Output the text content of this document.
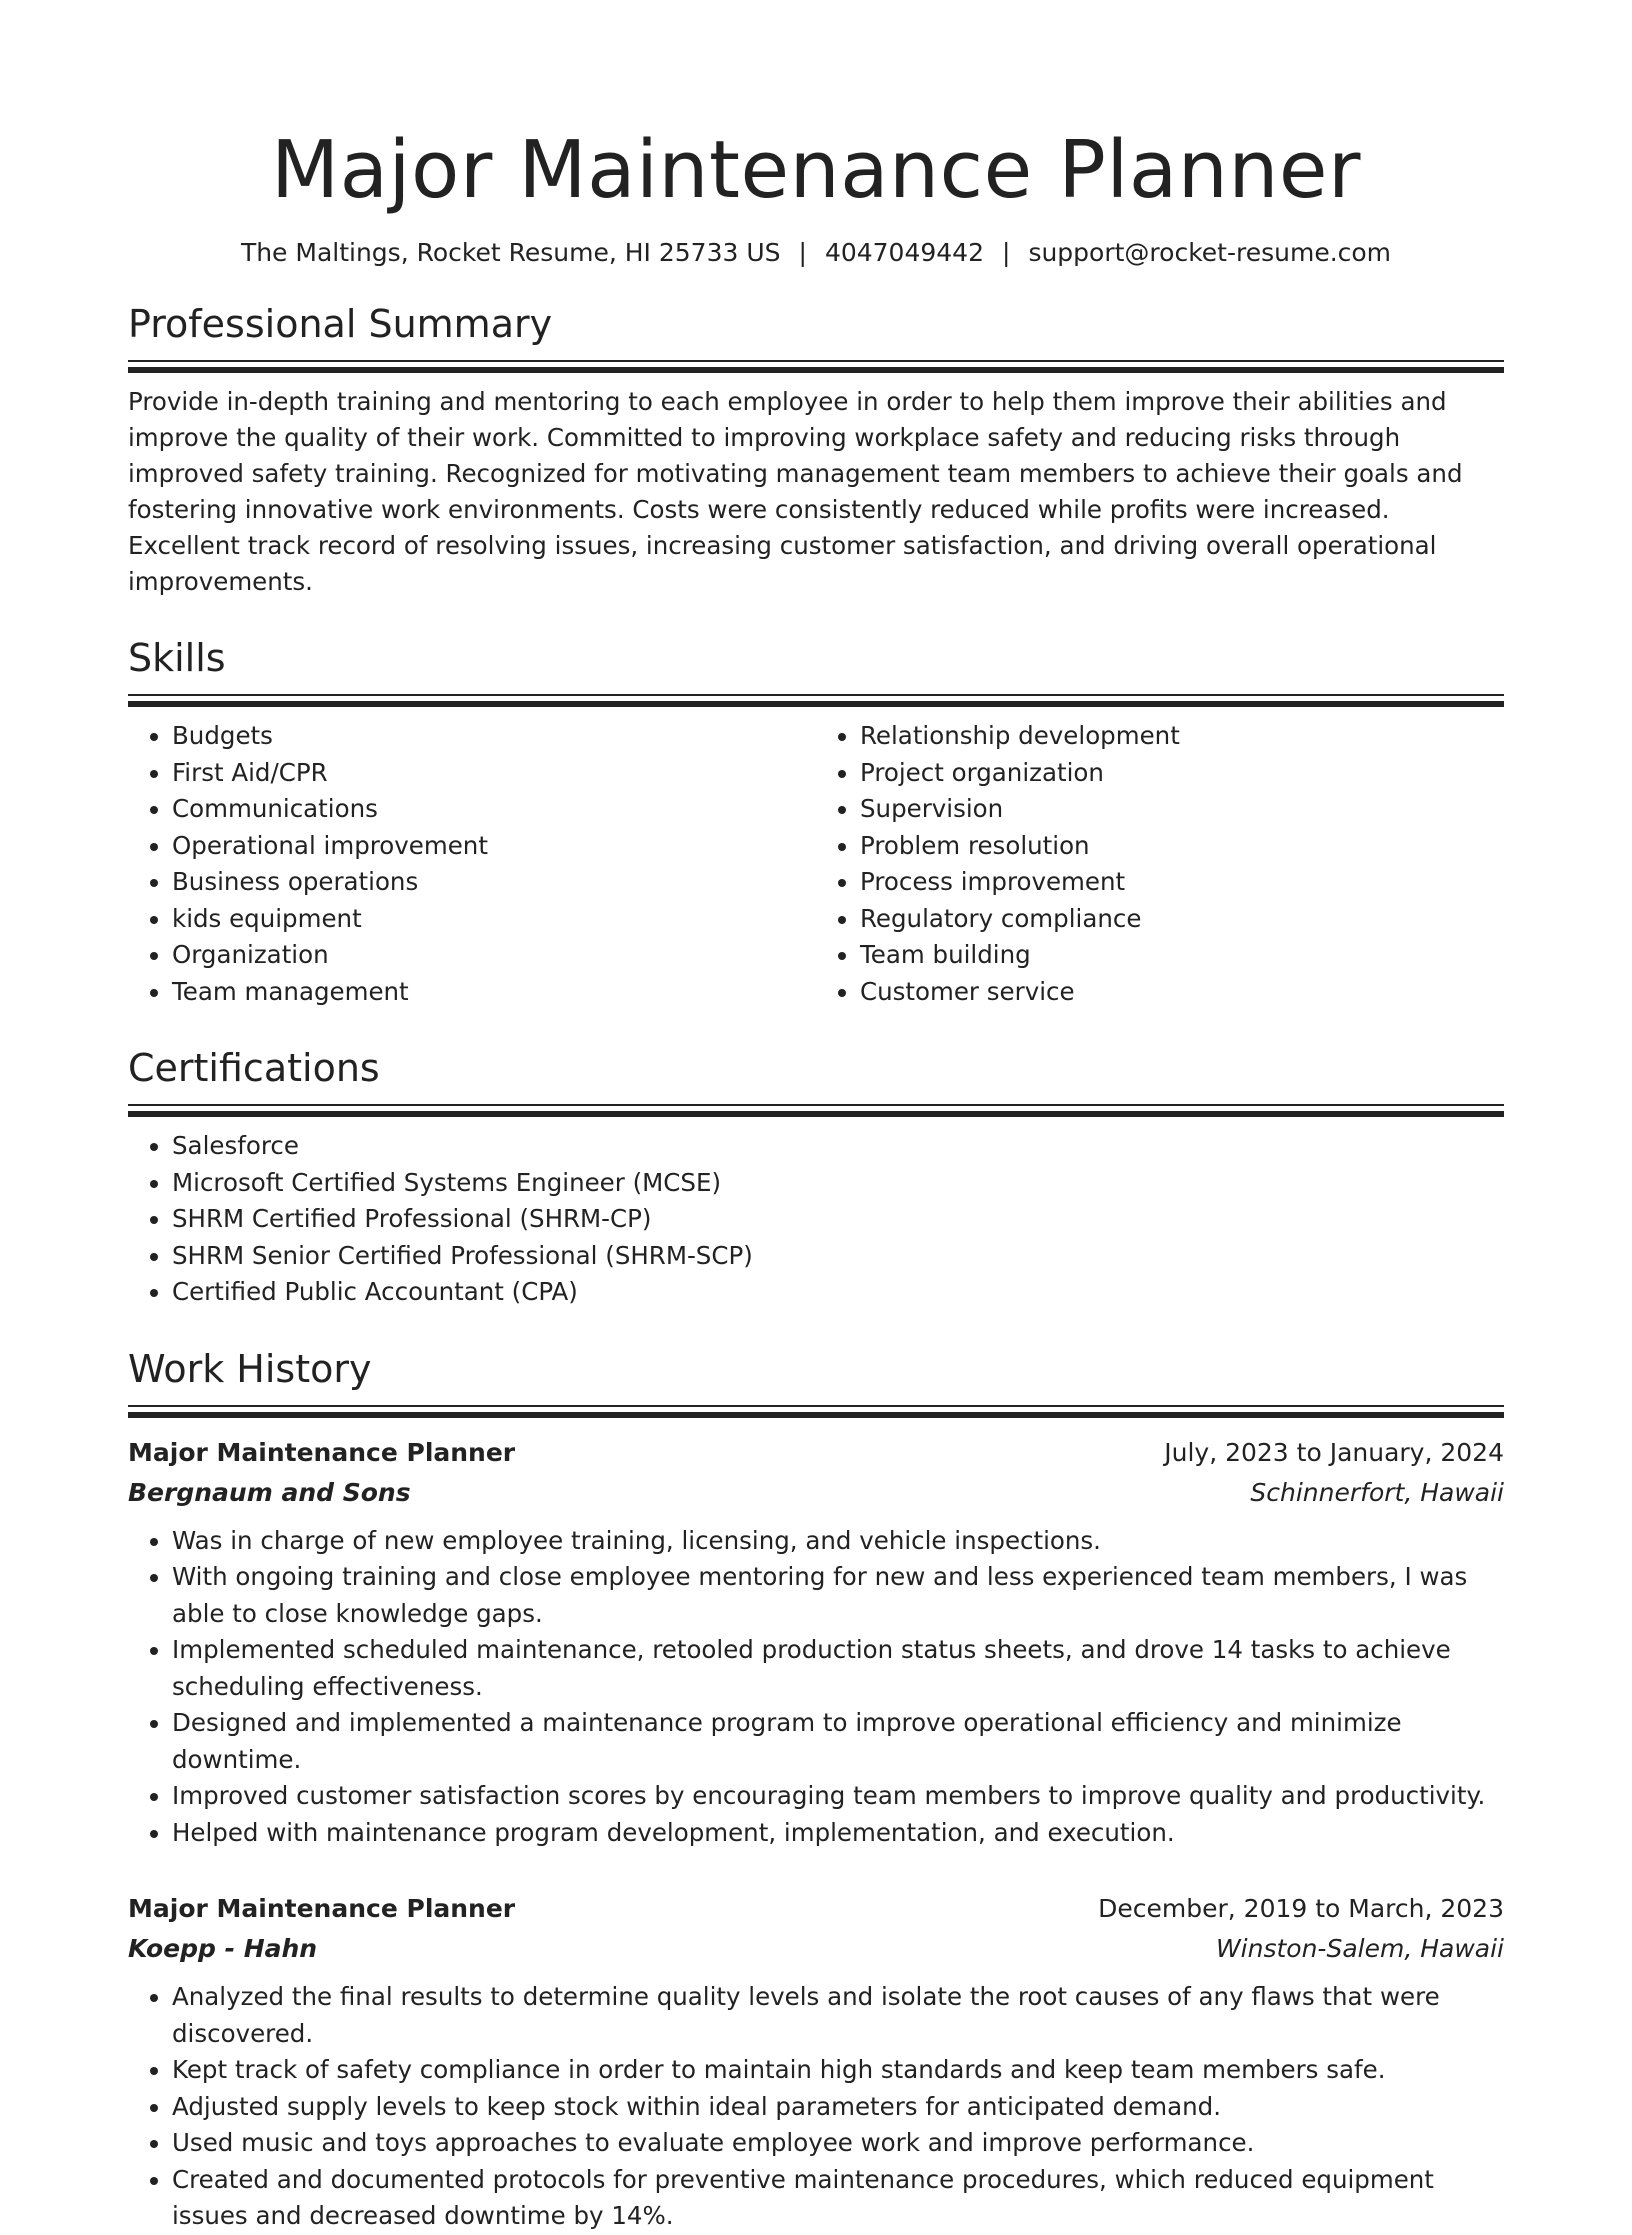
Major Maintenance Planner
The Maltings, Rocket Resume, HI 25733 US | 4047049442 | support@rocket-resume.com
Professional Summary
Provide in-depth training and mentoring to each employee in order to help them improve their abilities and improve the quality of their work. Committed to improving workplace safety and reducing risks through improved safety training. Recognized for motivating management team members to achieve their goals and fostering innovative work environments. Costs were consistently reduced while profits were increased. Excellent track record of resolving issues, increasing customer satisfaction, and driving overall operational improvements.
Skills
• Budgets
• First Aid/CPR
• Communications
• Operational improvement
• Business operations
• kids equipment
• Organization
• Team management
• Relationship development
• Project organization
• Supervision
• Problem resolution
• Process improvement
• Regulatory compliance
• Team building
• Customer service
Certifications
• Salesforce
• Microsoft Certified Systems Engineer (MCSE)
• SHRM Certified Professional (SHRM-CP)
• SHRM Senior Certified Professional (SHRM-SCP)
• Certified Public Accountant (CPA)
Work History
Major Maintenance Planner	July, 2023 to January, 2024
Bergnaum and Sons	Schinnerfort, Hawaii
• Was in charge of new employee training, licensing, and vehicle inspections.
• With ongoing training and close employee mentoring for new and less experienced team members, I was able to close knowledge gaps.
• Implemented scheduled maintenance, retooled production status sheets, and drove 14 tasks to achieve scheduling effectiveness.
• Designed and implemented a maintenance program to improve operational efficiency and minimize downtime.
• Improved customer satisfaction scores by encouraging team members to improve quality and productivity.
• Helped with maintenance program development, implementation, and execution.
Major Maintenance Planner	December, 2019 to March, 2023
Koepp - Hahn	Winston-Salem, Hawaii
• Analyzed the final results to determine quality levels and isolate the root causes of any flaws that were discovered.
• Kept track of safety compliance in order to maintain high standards and keep team members safe.
• Adjusted supply levels to keep stock within ideal parameters for anticipated demand.
• Used music and toys approaches to evaluate employee work and improve performance.
• Created and documented protocols for preventive maintenance procedures, which reduced equipment issues and decreased downtime by 14%.
